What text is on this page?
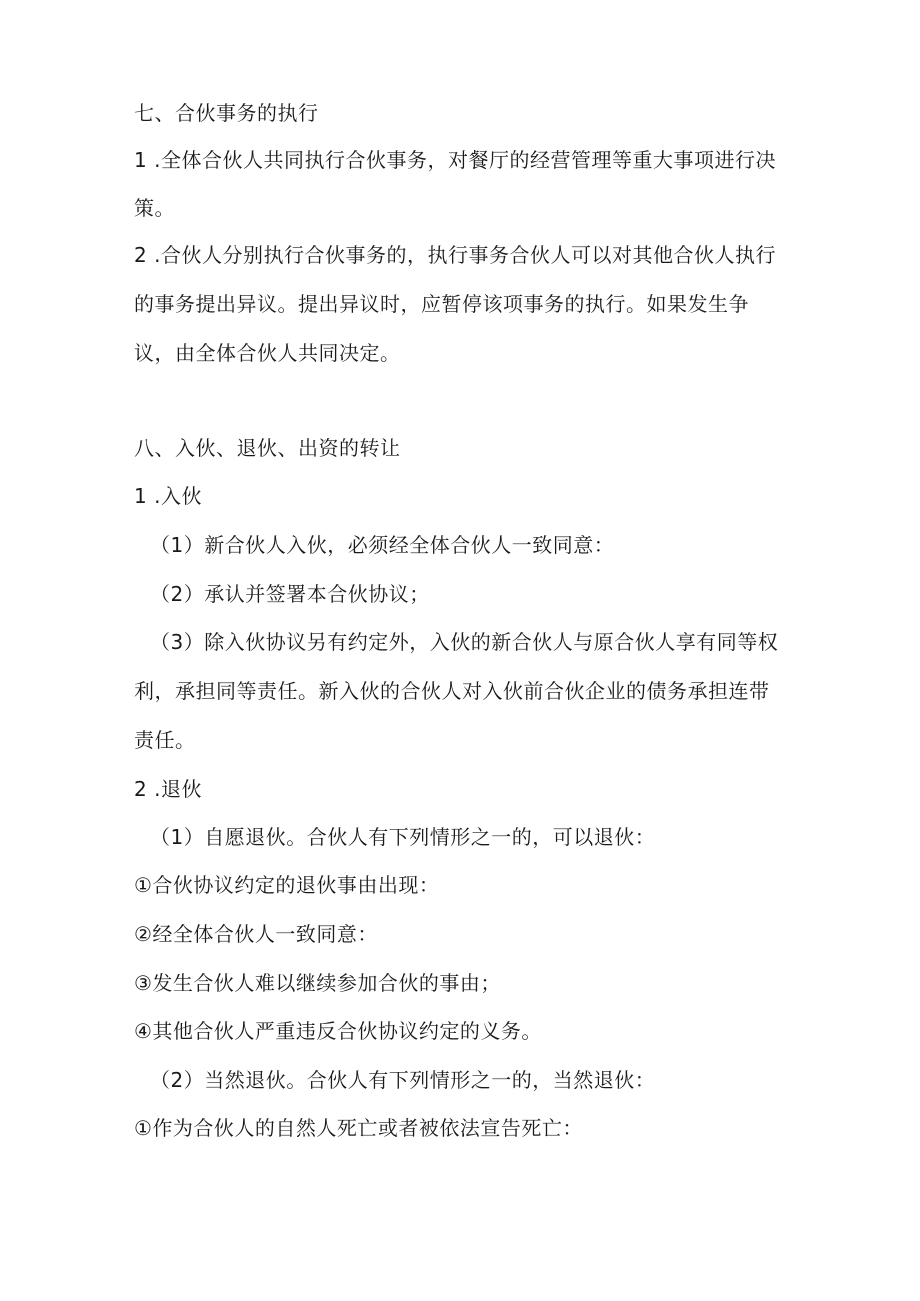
七、合伙事务的执行
1 .全体合伙人共同执行合伙事务，对餐厅的经营管理等重大事项进行决
策。
2 .合伙人分别执行合伙事务的，执行事务合伙人可以对其他合伙人执行
的事务提出异议。提出异议时，应暂停该项事务的执行。如果发生争
议，由全体合伙人共同决定。
八、入伙、退伙、出资的转让
1 .入伙
（1）新合伙人入伙，必须经全体合伙人一致同意：
（2）承认并签署本合伙协议；
（3）除入伙协议另有约定外，入伙的新合伙人与原合伙人享有同等权
利，承担同等责任。新入伙的合伙人对入伙前合伙企业的债务承担连带
责任。
2 .退伙
（1）自愿退伙。合伙人有下列情形之一的，可以退伙：
①合伙协议约定的退伙事由出现：
②经全体合伙人一致同意：
③发生合伙人难以继续参加合伙的事由；
④其他合伙人严重违反合伙协议约定的义务。
（2）当然退伙。合伙人有下列情形之一的，当然退伙：
①作为合伙人的自然人死亡或者被依法宣告死亡：
